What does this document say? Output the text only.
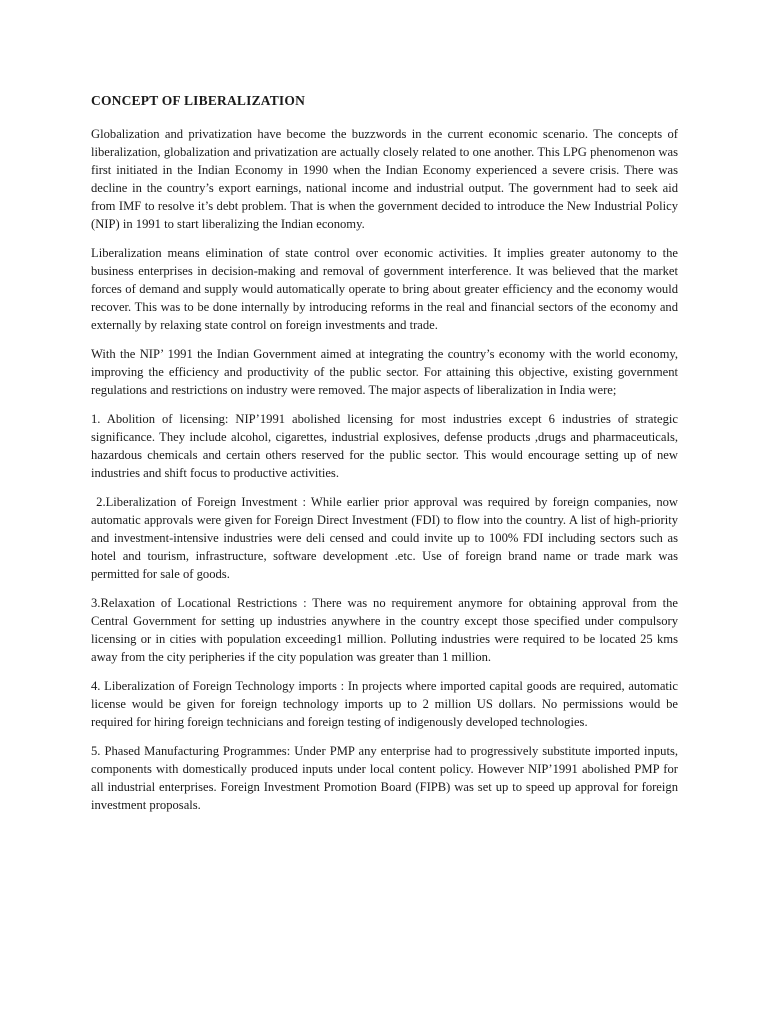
CONCEPT OF LIBERALIZATION

Globalization and privatization have become the buzzwords in the current economic scenario. The concepts of liberalization, globalization and privatization are actually closely related to one another. This LPG phenomenon was first initiated in the Indian Economy in 1990 when the Indian Economy experienced a severe crisis. There was decline in the country’s export earnings, national income and industrial output. The government had to seek aid from IMF to resolve it’s debt problem. That is when the government decided to introduce the New Industrial Policy (NIP) in 1991 to start liberalizing the Indian economy.

Liberalization means elimination of state control over economic activities. It implies greater autonomy to the business enterprises in decision-making and removal of government interference. It was believed that the market forces of demand and supply would automatically operate to bring about greater efficiency and the economy would recover. This was to be done internally by introducing reforms in the real and financial sectors of the economy and externally by relaxing state control on foreign investments and trade.

With the NIP’ 1991 the Indian Government aimed at integrating the country’s economy with the world economy, improving the efficiency and productivity of the public sector. For attaining this objective, existing government regulations and restrictions on industry were removed. The major aspects of liberalization in India were;

1. Abolition of licensing: NIP’1991 abolished licensing for most industries except 6 industries of strategic significance. They include alcohol, cigarettes, industrial explosives, defense products ,drugs and pharmaceuticals, hazardous chemicals and certain others reserved for the public sector. This would encourage setting up of new industries and shift focus to productive activities.

2.Liberalization of Foreign Investment : While earlier prior approval was required by foreign companies, now automatic approvals were given for Foreign Direct Investment (FDI) to flow into the country. A list of high-priority and investment-intensive industries were deli censed and could invite up to 100% FDI including sectors such as hotel and tourism, infrastructure, software development .etc. Use of foreign brand name or trade mark was permitted for sale of goods.

3.Relaxation of Locational Restrictions : There was no requirement anymore for obtaining approval from the Central Government for setting up industries anywhere in the country except those specified under compulsory licensing or in cities with population exceeding1 million. Polluting industries were required to be located 25 kms away from the city peripheries if the city population was greater than 1 million.

4. Liberalization of Foreign Technology imports : In projects where imported capital goods are required, automatic license would be given for foreign technology imports up to 2 million US dollars. No permissions would be required for hiring foreign technicians and foreign testing of indigenously developed technologies.

5. Phased Manufacturing Programmes: Under PMP any enterprise had to progressively substitute imported inputs, components with domestically produced inputs under local content policy. However NIP’1991 abolished PMP for all industrial enterprises. Foreign Investment Promotion Board (FIPB) was set up to speed up approval for foreign investment proposals.
